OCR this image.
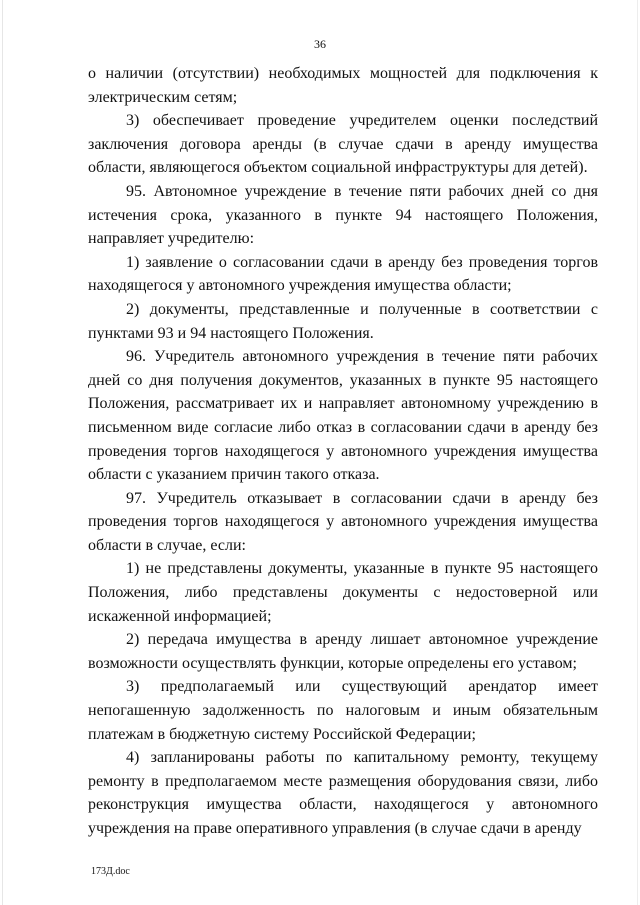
36

о наличии (отсутствии) необходимых мощностей для подключения к электрическим сетям;

3) обеспечивает проведение учредителем оценки последствий заключения договора аренды (в случае сдачи в аренду имущества области, являющегося объектом социальной инфраструктуры для детей).

95. Автономное учреждение в течение пяти рабочих дней со дня истечения срока, указанного в пункте 94 настоящего Положения, направляет учредителю:

1) заявление о согласовании сдачи в аренду без проведения торгов находящегося у автономного учреждения имущества области;

2) документы, представленные и полученные в соответствии с пунктами 93 и 94 настоящего Положения.

96. Учредитель автономного учреждения в течение пяти рабочих дней со дня получения документов, указанных в пункте 95 настоящего Положения, рассматривает их и направляет автономному учреждению в письменном виде согласие либо отказ в согласовании сдачи в аренду без проведения торгов находящегося у автономного учреждения имущества области с указанием причин такого отказа.

97. Учредитель отказывает в согласовании сдачи в аренду без проведения торгов находящегося у автономного учреждения имущества области в случае, если:

1) не представлены документы, указанные в пункте 95 настоящего Положения, либо представлены документы с недостоверной или искаженной информацией;

2) передача имущества в аренду лишает автономное учреждение возможности осуществлять функции, которые определены его уставом;

3) предполагаемый или существующий арендатор имеет непогашенную задолженность по налоговым и иным обязательным платежам в бюджетную систему Российской Федерации;

4) запланированы работы по капитальному ремонту, текущему ремонту в предполагаемом месте размещения оборудования связи, либо реконструкция имущества области, находящегося у автономного учреждения на праве оперативного управления (в случае сдачи в аренду

173Д.doc
